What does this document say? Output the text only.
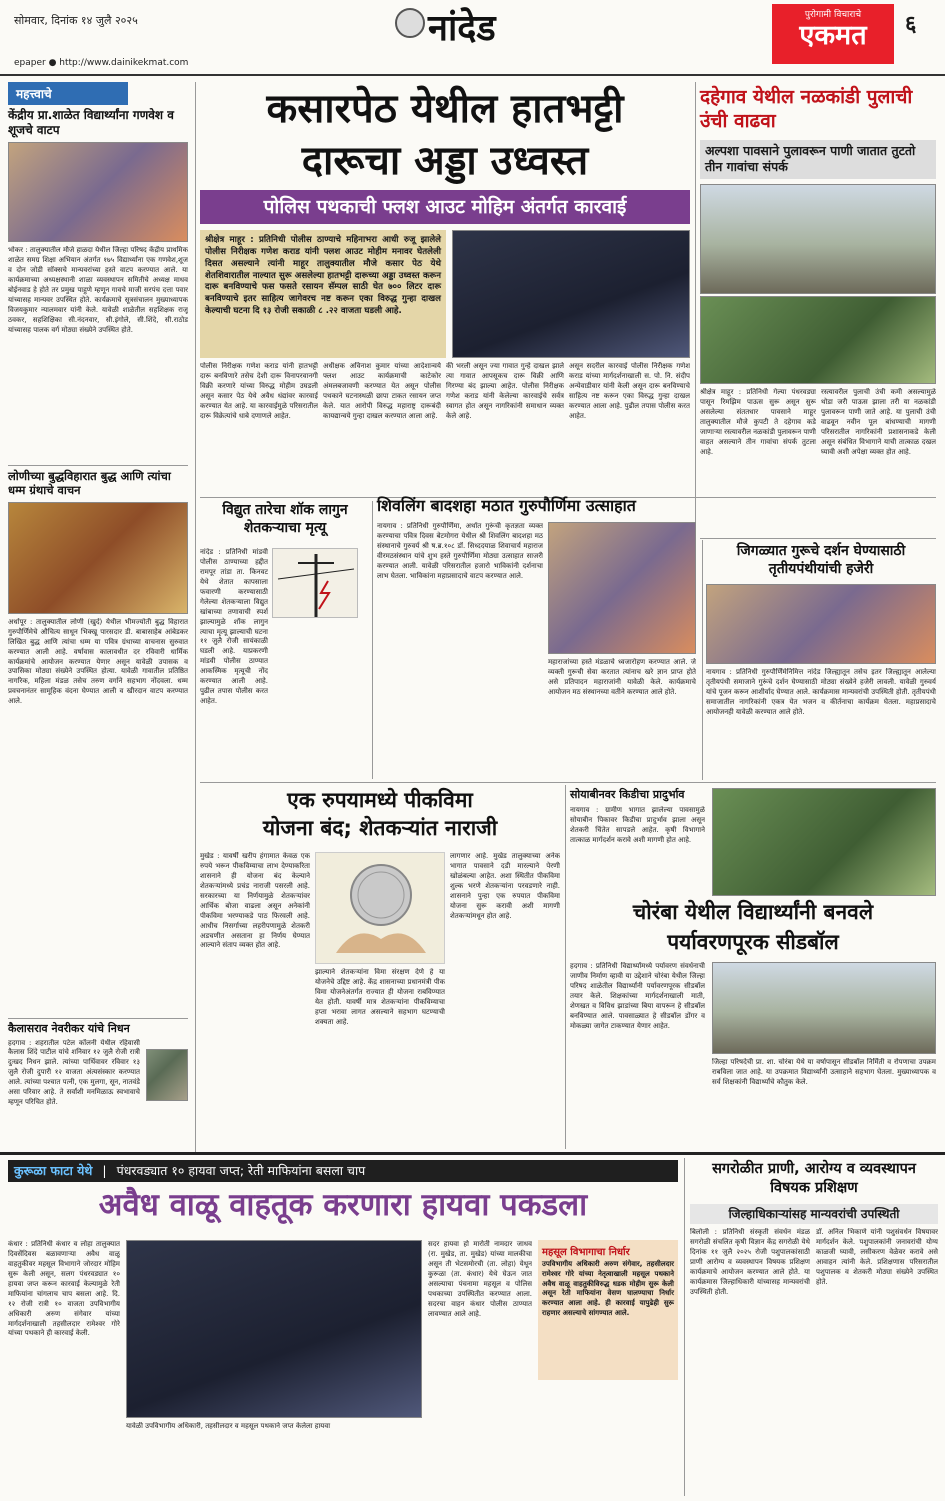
सोमवार, दिनांक १४ जुलै २०२५
epaper ● http://www.dainikekmat.com
नांदेड	पुरोगामी विचाराचे
एकमत	६
महत्त्वाचे
केंद्रीय प्रा.शाळेत विद्यार्थ्यांना गणवेश व शूजचे वाटप
भोकर : तालुक्यातील मौजे हाळदा येथील जिल्हा परिषद केंद्रीय प्राथमिक शाळेत समग्र शिक्षा अभियान अंतर्गत १७५ विद्यार्थ्यांना एक गणवेश,शूज व दोन जोडी सॉक्सचे मान्यवरांच्या हस्ते वाटप करण्यात आले. या कार्यक्रमाच्या अध्यक्षस्थानी शाळा व्यवस्थापन समितीचे अध्यक्ष माधव बोईनवाड हे होते तर प्रमुख पाहुणे म्हणून गावचे माजी सरपंच दत्ता पवार यांच्यासह मान्यवर उपस्थित होते. कार्यक्रमाचे सूत्रसंचालन मुख्याध्यापक विजयकुमार न्यालमवार यांनी केले. यावेळी शाळेतील सहशिक्षक राजू ठवकर, सहशिक्षिका सी.नंदनवार, सी.इंगोले, सी.शिंदे, सी.राठोड यांच्यासह पालक वर्ग मोठ्या संख्येने उपस्थित होते.
लोणीच्या बुद्धविहारात बुद्ध आणि त्यांचा धम्म ग्रंथाचे वाचन
अर्धापूर : तालुक्यातील लोणी (खुर्द) येथील भीमज्योती बुद्ध विहारात गुरुपौर्णिमेचे औचित्य साधून भिक्खू पारसदार डी. बाबासाहेब आंबेडकर लिखित बुद्ध आणि त्यांचा धम्म या पवित्र ग्रंथाच्या वाचनास सुरुवात करण्यात आली आहे. वर्षावास कालावधीत दर रविवारी धार्मिक कार्यक्रमांचे आयोजन करण्यात येणार असून यावेळी उपासक व उपासिका मोठ्या संख्येने उपस्थित होत्या. यावेळी गावातील प्रतिष्ठित नागरिक, महिला मंडळ तसेच तरुण वर्गाने सहभाग नोंदवला. धम्म प्रवचनानंतर सामूहिक वंदना घेण्यात आली व खीरदान वाटप करण्यात आले.
कैलासराव नेवरीकर यांचे निधन
हदगाव : शहरातील पटेल कॉलनी येथील रहिवासी कैलास शिंदे पाटील यांचे शनिवार १२ जुलै रोजी रात्री दुःखद निधन झाले. त्यांच्या पार्थिवावर रविवार १३ जुलै रोजी दुपारी १२ वाजता अंत्यसंस्कार करण्यात आले. त्यांच्या पश्चात पत्नी, एक मुलगा, सून, नातवंडे असा परिवार आहे. ते सर्वांशी मनमिळाऊ स्वभावाचे म्हणून परिचित होते.
कसारपेठ येथील हातभट्टी
दारूचा अड्डा उध्वस्त
पोलिस पथकाची फ्लश आउट मोहिम अंतर्गत कारवाई
श्रीक्षेत्र माहूर : प्रतिनिधी पोलीस ठाण्याचे महिनाभरा आधी रुजू झालेले पोलीस निरीक्षक गणेश कराड यांनी फ्लश आउट मोहीम मनावर घेतलेली दिसत असल्याने त्यांनी माहूर तालुक्यातील मौजे कसार पेठ येथे शेतशिवारातील नाल्यात सुरू असलेल्या हातभट्टी दारूच्या अड्डा उध्वस्त करून दारू बनविण्याचे फस फसते रसायन सॅम्पल साठी घेत ७०० लिटर दारू बनविण्याचे इतर साहित्य जागेवरच नष्ट करून एका विरुद्ध गुन्हा दाखल केल्याची घटना दि १३ रोजी सकाळी ८ .२२ वाजता घडली आहे.
पोलीस निरीक्षक गणेश कराड यांनी हातभट्टी दारू बनविणारे तसेच देशी दारू विनापरवानगी विक्री करणारे यांच्या विरुद्ध मोहीम उघडली असून कसार पेठ येथे अवैध धंद्यांवर कारवाई करण्यात येत आहे. या कारवाईमुळे परिसरातील दारू विक्रेत्यांचे धाबे दणाणले आहेत.
अधीक्षक अविनाश कुमार यांच्या आदेशान्वये फ्लश आउट कार्यक्रमाची काटेकोर अंमलबजावणी करण्यात येत असून पोलीस पथकाने घटनास्थळी छापा टाकत रसायन जप्त केले. यात आरोपी विरुद्ध महाराष्ट्र दारूबंदी कायद्यान्वये गुन्हा दाखल करण्यात आला आहे.
की भरली असून ज्या गावात गुन्हे दाखल झाले त्या गावात आपसूकच दारू विक्री आणि गिरण्या बंद झाल्या आहेत. पोलीस निरीक्षक गणेश कराड यांनी केलेल्या कारवाईचे सर्वत्र स्वागत होत असून नागरिकांनी समाधान व्यक्त केले आहे.
असून सदरील कारवाई पोलीस निरीक्षक गणेश कराड यांच्या मार्गदर्शनाखाली स. पो. नि. संदीप अन्येवाडीवार यांनी केली असून दारू बनविण्याचे साहित्य नष्ट करून एका विरुद्ध गुन्हा दाखल करण्यात आला आहे. पुढील तपास पोलीस करत आहेत.
दहेगाव येथील नळकांडी पुलाची उंची वाढवा
अल्पशा पावसाने पुलावरून पाणी जातात तुटतो तीन गावांचा संपर्क
श्रीक्षेत्र माहूर : प्रतिनिधी गेल्या पंधरवड्या पासून रिमझिम पाऊस सुरू असून सुरू असलेल्या संततधार पावसाने माहूर तालुक्यातील मौजे कुपटी ते दहेगाव कडे जाणाऱ्या रस्त्यावरील नळकांडी पुलावरून पाणी वाहत असल्याने तीन गावांचा संपर्क तुटला आहे.
रस्त्यावरील पुलाची उंची कमी असल्यामुळे थोडा जरी पाऊस झाला तरी या नळकांडी पुलावरून पाणी जाते आहे. या पुलाची उंची वाढवून नवीन पूल बांधण्याची मागणी परिसरातील नागरिकांनी प्रशासनाकडे केली असून संबंधित विभागाने याची तात्काळ दखल घ्यावी अशी अपेक्षा व्यक्त होत आहे.
विद्युत तारेचा शॉक लागुन शेतकऱ्याचा मृत्यू
नांदेड : प्रतिनिधी मांडवी पोलीस ठाण्याच्या हद्दीत रामपूर तांडा ता. किनवट येथे शेतात कापसाला फवारणी करण्यासाठी गेलेल्या शेतकऱ्याला विद्युत खांबाच्या तणावाची स्पर्श झाल्यामुळे शॉक लागुन त्याचा मृत्यू झाल्याची घटना ११ जुलै रोजी सायंकाळी घडली आहे. याप्रकरणी मांडवी पोलीस ठाण्यात आकस्मिक मृत्यूची नोंद करण्यात आली आहे. पुढील तपास पोलीस करत आहेत.
शिवलिंग बादशहा मठात गुरुपौर्णिमा उत्साहात
नायगाव : प्रतिनिधी गुरुपौर्णिमा, अर्थात गुरूंची कृतज्ञता व्यक्त करण्याचा पवित्र दिवस बेटमोगरा येथील श्री शिवलिंग बादशहा मठ संस्थानाचे गुरुवर्य श्री ष.ब्र.१०८ डॉ. सिध्ददयाळ शिवाचार्य महाराज वीरमठसंस्थान यांचे शुभ हस्ते गुरुपौर्णिमा मोठ्या उत्साहात साजरी करण्यात आली. यावेळी परिसरातील हजारो भाविकांनी दर्शनाचा लाभ घेतला. भाविकांना महाप्रसादाचे वाटप करण्यात आले.
महाराजांच्या हस्ते मंडळाचे ध्वजारोहण करण्यात आले. जे व्यक्ती गुरूची सेवा करतात त्यांनाच खरे ज्ञान प्राप्त होते असे प्रतिपादन महाराजांनी यावेळी केले. कार्यक्रमाचे आयोजन मठ संस्थानच्या वतीने करण्यात आले होते.
जिगळ्यात गुरूचे दर्शन घेण्यासाठी तृतीयपंथीयांची हजेरी
नायगाव : प्रतिनिधी गुरुपौर्णिमेनिमित्त नांदेड जिल्ह्यातून तसेच इतर जिल्ह्यातून आलेल्या तृतीयपंथी समाजाने गुरूंचे दर्शन घेण्यासाठी मोठ्या संख्येने हजेरी लावली. यावेळी गुरुवर्य यांचे पूजन करून आशीर्वाद घेण्यात आले. कार्यक्रमास मान्यवरांची उपस्थिती होती. तृतीयपंथी समाजातील नागरिकांनी एकत्र येत भजन व कीर्तनाचा कार्यक्रम घेतला. महाप्रसादाचे आयोजनही यावेळी करण्यात आले होते.
एक रुपयामध्ये पीकविमा
योजना बंद; शेतकऱ्यांत नाराजी
मुखेड : यावर्षी खरीप हंगामात केवळ एक रुपये भरून पीकविम्याचा लाभ देण्याकरिता शासनाने ही योजना बंद केल्याने शेतकऱ्यांमध्ये प्रचंड नाराजी पसरली आहे. सरकारच्या या निर्णयामुळे शेतकऱ्यांवर आर्थिक बोजा वाढला असून अनेकांनी पीकविमा भरण्याकडे पाठ फिरवली आहे. आधीच निसर्गाच्या लहरीपणामुळे शेतकरी अडचणीत असताना हा निर्णय घेण्यात आल्याने संताप व्यक्त होत आहे.
झाल्याने शेतकऱ्यांना विमा संरक्षण देणे हे या योजनेचे उद्दिष्ट आहे. केंद्र शासनाच्या प्रधानमंत्री पीक विमा योजनेअंतर्गत राज्यात ही योजना राबविण्यात येत होती. यावर्षी मात्र शेतकऱ्यांना पीकविम्याचा हप्ता भरावा लागत असल्याने सहभाग घटण्याची शक्यता आहे.
लागणार आहे. मुखेड तालुक्याच्या अनेक भागात पावसाने दडी मारल्याने पेरणी खोळंबल्या आहेत. अशा स्थितीत पीकविमा शुल्क भरणे शेतकऱ्यांना परवडणारे नाही. शासनाने पुन्हा एक रुपयात पीकविमा योजना सुरू करावी अशी मागणी शेतकऱ्यांमधून होत आहे.
सोयाबीनवर किडीचा प्रादुर्भाव
नायगाव : ग्रामीण भागात झालेल्या पावसामुळे सोयाबीन पिकावर किडीचा प्रादुर्भाव झाला असून शेतकरी चिंतेत सापडले आहेत. कृषी विभागाने तात्काळ मार्गदर्शन करावे अशी मागणी होत आहे.
चोरंबा येथील विद्यार्थ्यांनी बनवले
पर्यावरणपूरक सीडबॉल
हदगाव : प्रतिनिधी विद्यार्थ्यांमध्ये पर्यावरण संवर्धनाची जाणीव निर्माण व्हावी या उद्देशाने चोरंबा येथील जिल्हा परिषद शाळेतील विद्यार्थ्यांनी पर्यावरणपूरक सीडबॉल तयार केले. शिक्षकांच्या मार्गदर्शनाखाली माती, शेणखत व विविध झाडांच्या बिया वापरून हे सीडबॉल बनविण्यात आले. पावसाळ्यात हे सीडबॉल डोंगर व मोकळ्या जागेत टाकण्यात येणार आहेत.
जिल्हा परिषदेची प्रा. शा. चोरंबा येथे या वर्षापासून सीडबॉल निर्मिती व रोपणाचा उपक्रम राबविला जात आहे. या उपक्रमात विद्यार्थ्यांनी उत्साहाने सहभाग घेतला. मुख्याध्यापक व सर्व शिक्षकांनी विद्यार्थ्यांचे कौतुक केले.
कुरूळा फाटा येथे | पंधरवड्यात १० हायवा जप्त; रेती माफियांना बसला चाप
अवैध वाळू वाहतूक करणारा हायवा पकडला
कंधार : प्रतिनिधी कंधार व लोहा तालुक्यात दिवसेंदिवस बळावणाऱ्या अवैध वाळू वाहतुकीवर महसूल विभागाने जोरदार मोहिम सुरू केली असून, सलग पंधरवड्यात १० हायवा जप्त करून कारवाई केल्यामुळे रेती माफियांना चांगलाच चाप बसला आहे. दि. १२ रोजी रात्री १० वाजता उपविभागीय अधिकारी अरुण संगेवार यांच्या मार्गदर्शनाखाली तहसीलदार रामेश्वर गोरे यांच्या पथकाने ही कारवाई केली.
यावेळी उपविभागीय अधिकारी, तहसीलदार व महसूल पथकाने जप्त केलेला हायवा
सदर हायवा हो मारोती नामदार जाधव (रा. मुखेड, ता. मुखेड) यांच्या मालकीचा असून ती भेटसमोरची (ता. लोहा) येथून कुरूळा (ता. कंधार) येथे घेऊन जात असल्याचा पंचनामा महसूल व पोलिस पथकाच्या उपस्थितीत करण्यात आला. सदरचा वाहन कंधार पोलीस ठाण्यात लावण्यात आले आहे.
महसूल विभागाचा निर्धार
उपविभागीय अधिकारी अरुण संगेवार, तहसीलदार रामेश्वर गोरे यांच्या नेतृत्वाखाली महसूल पथकाने अवैध वाळू वाहतुकीविरुद्ध धडक मोहीम सुरू केली असून रेती माफियांना वेसण घालण्याचा निर्धार करण्यात आला आहे. ही कारवाई यापुढेही सुरू राहणार असल्याचे सांगण्यात आले.
सगरोळीत प्राणी, आरोग्य व व्यवस्थापन विषयक प्रशिक्षण
जिल्हाधिकाऱ्यांसह मान्यवरांची उपस्थिती
बिलोली : प्रतिनिधी संस्कृती संवर्धन मंडळ सगरोळी संचलित कृषी विज्ञान केंद्र सगरोळी येथे दिनांक ११ जुलै २०२५ रोजी पशुपालकांसाठी प्राणी आरोग्य व व्यवस्थापन विषयक प्रशिक्षण कार्यक्रमाचे आयोजन करण्यात आले होते. या कार्यक्रमास जिल्हाधिकारी यांच्यासह मान्यवरांची उपस्थिती होती.
डॉ. अनिल भिकाणे यांनी पशुसंवर्धन विषयावर मार्गदर्शन केले. पशुपालकांनी जनावरांची योग्य काळजी घ्यावी, लसीकरण वेळेवर करावे असे आवाहन त्यांनी केले. प्रशिक्षणास परिसरातील पशुपालक व शेतकरी मोठ्या संख्येने उपस्थित होते.
